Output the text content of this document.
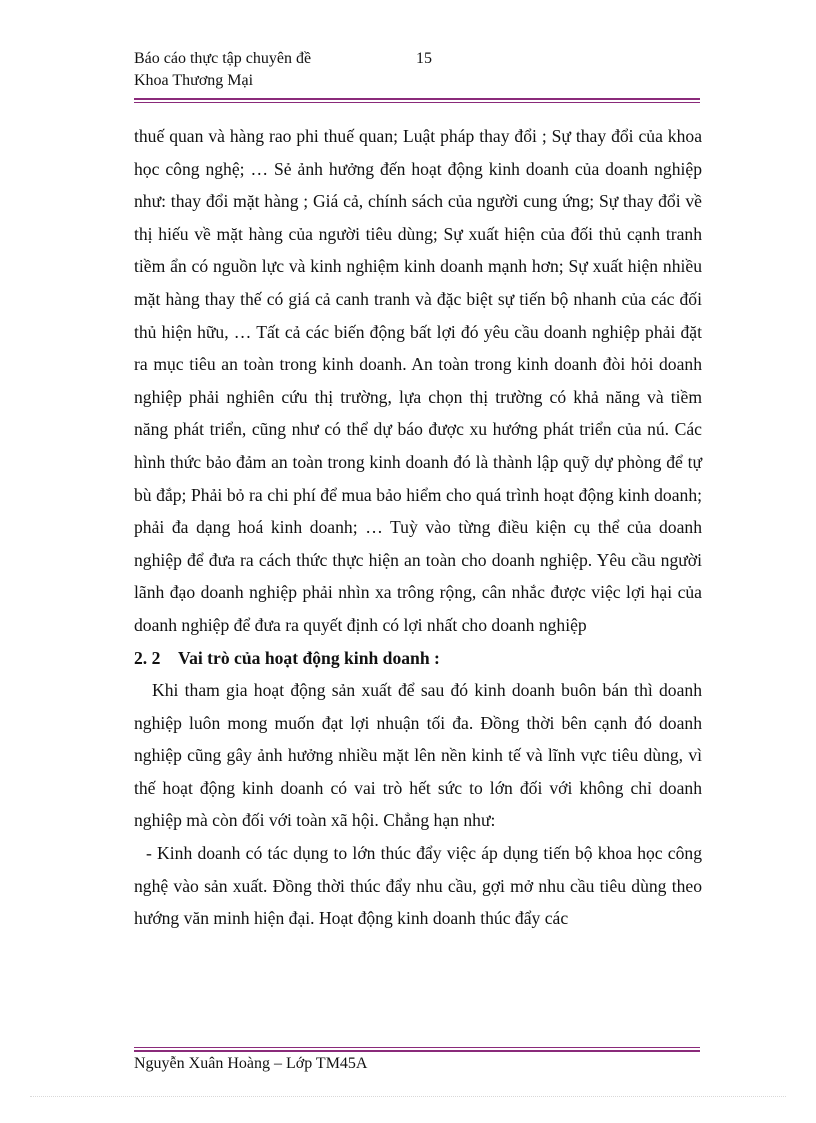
Báo cáo thực tập chuyên đề	15
Khoa Thương Mại

thuế quan và hàng rao phi thuế quan; Luật pháp thay đổi ; Sự thay đổi của khoa học công nghệ; … Sẻ ảnh hưởng đến hoạt động kinh doanh của doanh nghiệp như: thay đổi mặt hàng ; Giá cả, chính sách của người cung ứng; Sự thay đổi về thị hiếu về mặt hàng của người tiêu dùng; Sự xuất hiện của đối thủ cạnh tranh tiềm ẩn có nguồn lực và kinh nghiệm kinh doanh mạnh hơn; Sự xuất hiện nhiều mặt hàng thay thế có giá cả canh tranh và đặc biệt sự tiến bộ nhanh của các đối thủ hiện hữu, … Tất cả các biến động bất lợi đó yêu cầu doanh nghiệp phải đặt ra mục tiêu an toàn trong kinh doanh. An toàn trong kinh doanh đòi hỏi doanh nghiệp phải nghiên cứu thị trường, lựa chọn thị trường có khả năng và tiềm năng phát triển, cũng như có thể dự báo được xu hướng phát triển của nú. Các hình thức bảo đảm an toàn trong kinh doanh đó là thành lập quỹ dự phòng để tự bù đắp; Phải bỏ ra chi phí để mua bảo hiểm cho quá trình hoạt động kinh doanh; phải đa dạng hoá kinh doanh; … Tuỳ vào từng điều kiện cụ thể của doanh nghiệp để đưa ra cách thức thực hiện an toàn cho doanh nghiệp. Yêu cầu người lãnh đạo doanh nghiệp phải nhìn xa trông rộng, cân nhắc được việc lợi hại của doanh nghiệp để đưa ra quyết định có lợi nhất cho doanh nghiệp

2. 2 Vai trò của hoạt động kinh doanh :

Khi tham gia hoạt động sản xuất để sau đó kinh doanh buôn bán thì doanh nghiệp luôn mong muốn đạt lợi nhuận tối đa. Đồng thời bên cạnh đó doanh nghiệp cũng gây ảnh hưởng nhiều mặt lên nền kinh tế và lĩnh vực tiêu dùng, vì thế hoạt động kinh doanh có vai trò hết sức to lớn đối với không chỉ doanh nghiệp mà còn đối với toàn xã hội. Chẳng hạn như:

- Kinh doanh có tác dụng to lớn thúc đẩy việc áp dụng tiến bộ khoa học công nghệ vào sản xuất. Đồng thời thúc đẩy nhu cầu, gợi mở nhu cầu tiêu dùng theo hướng văn minh hiện đại. Hoạt động kinh doanh thúc đẩy các

Nguyễn Xuân Hoàng – Lớp TM45A
